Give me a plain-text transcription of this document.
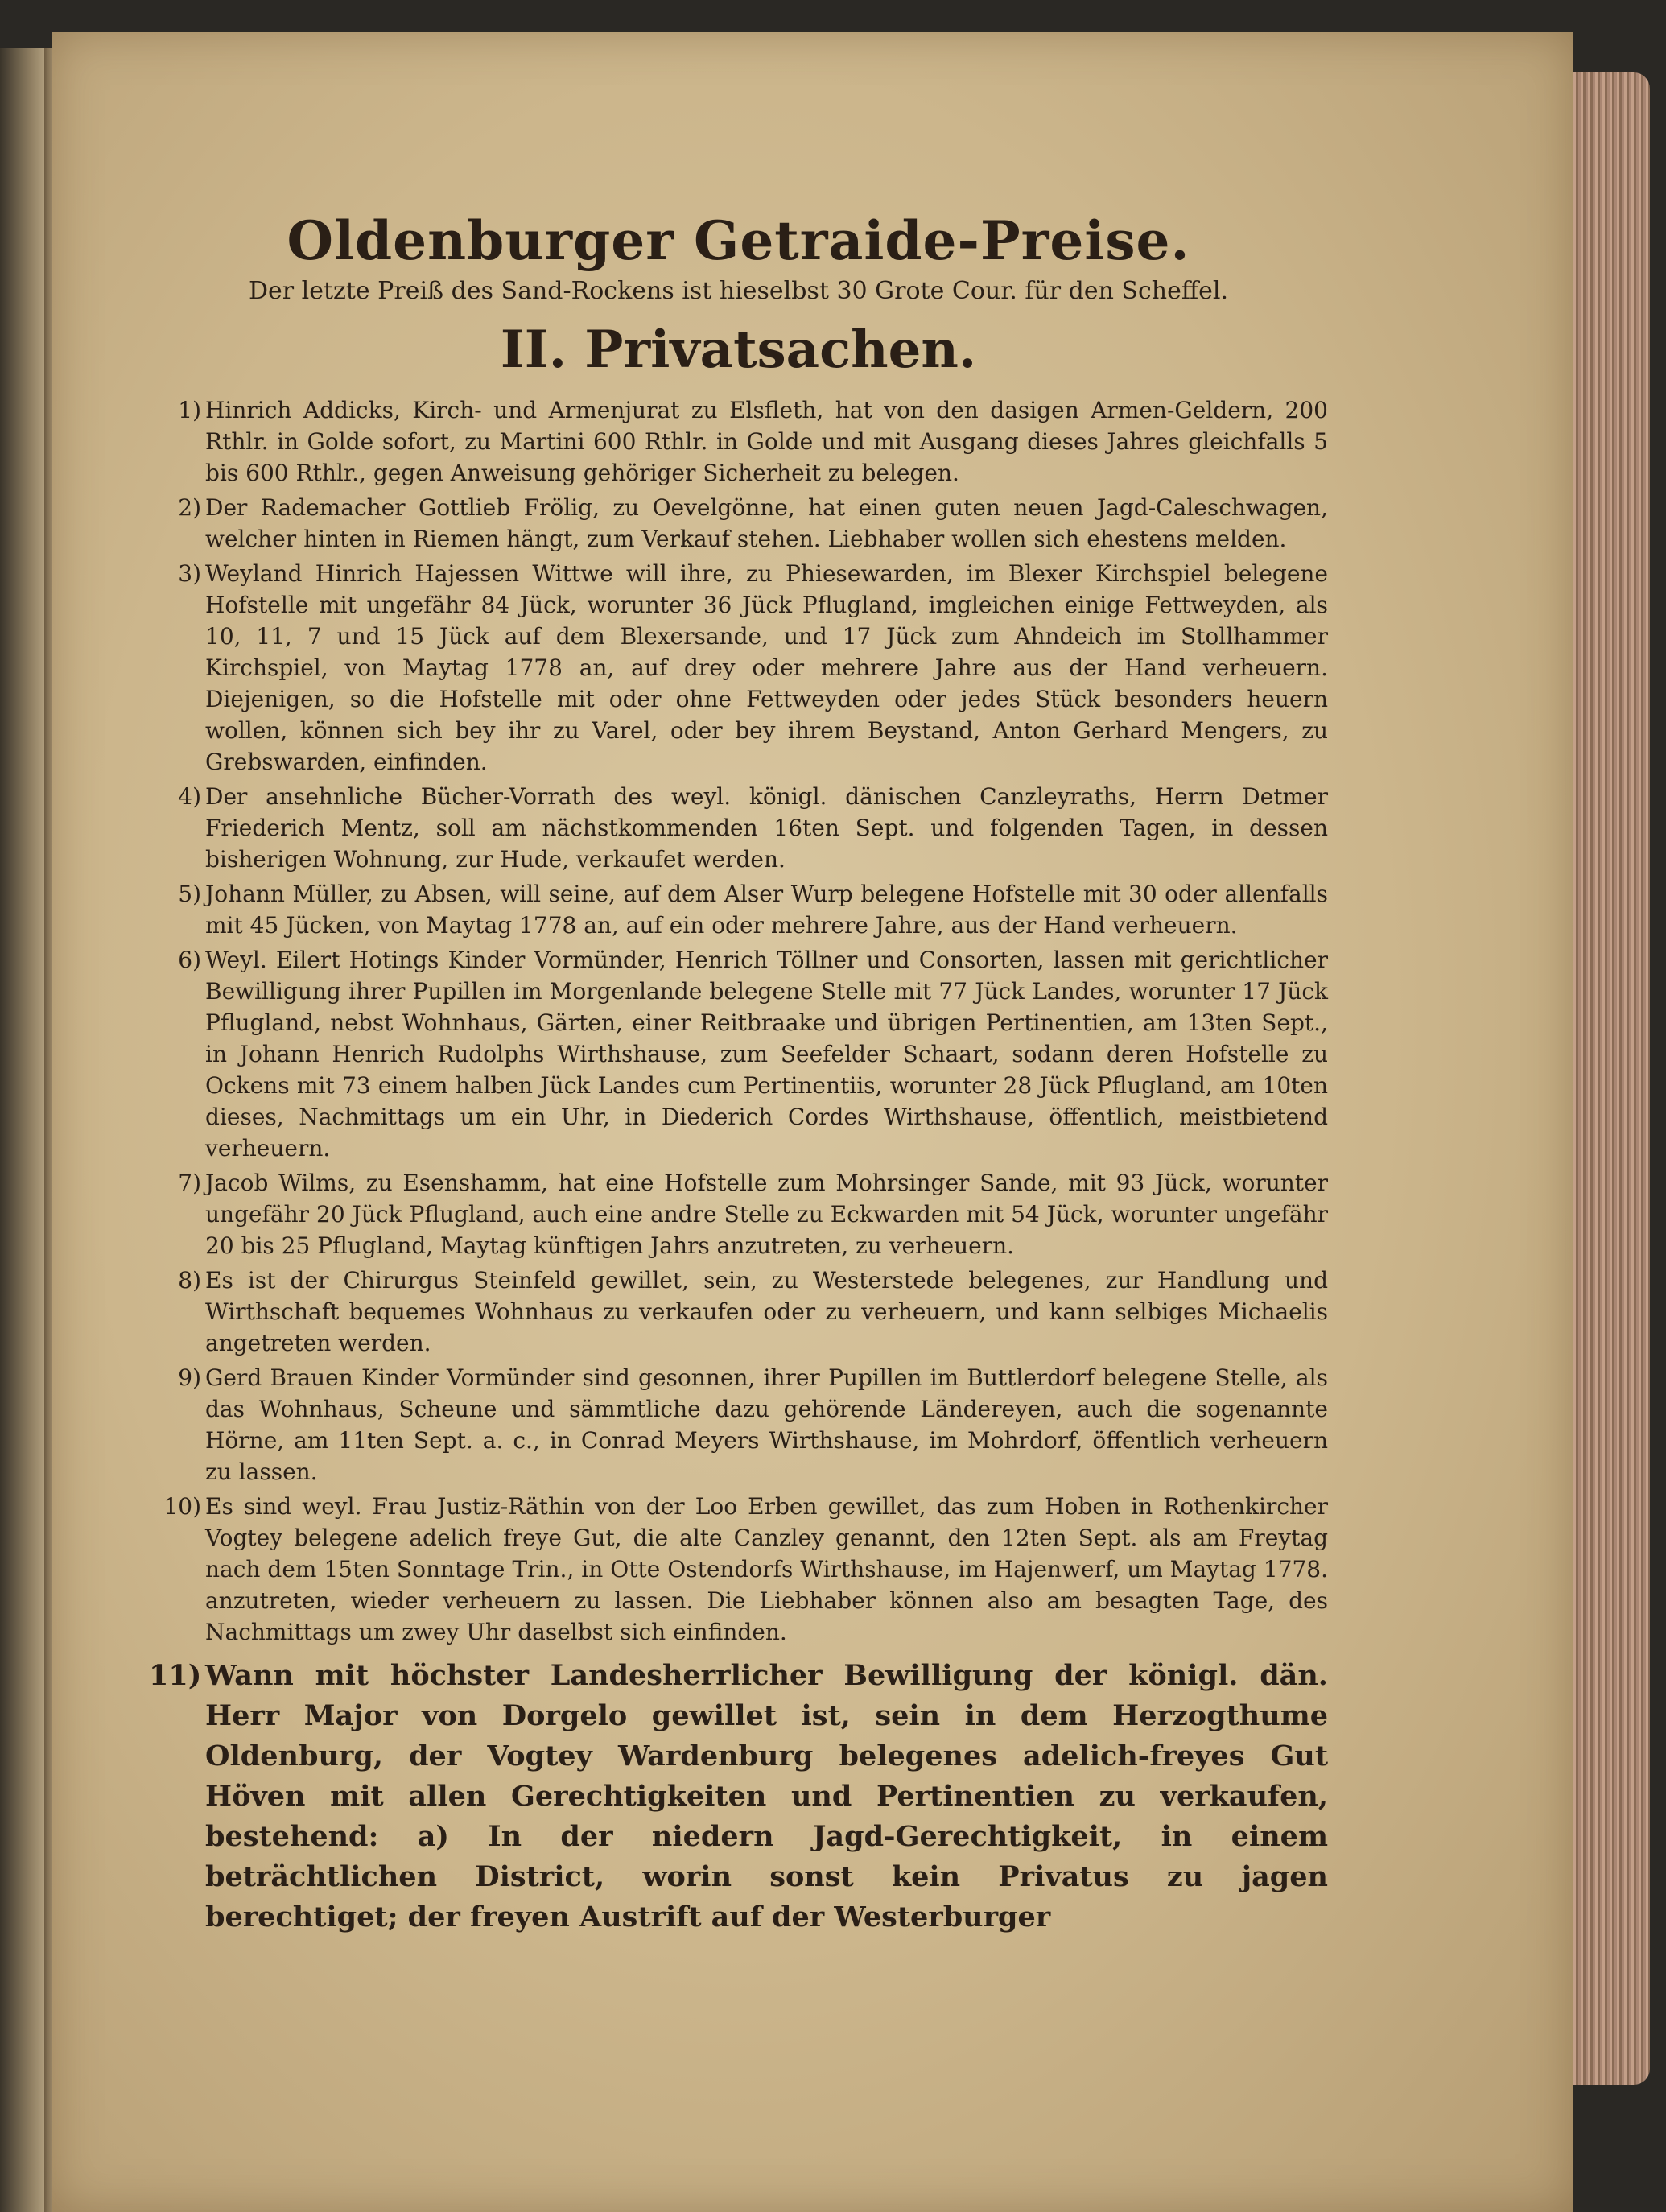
Oldenburger Getraide-Preise.
Der letzte Preiß des Sand-Rockens ist hieselbst 30 Grote Cour. für den Scheffel.
II. Privatsachen.
1) Hinrich Addicks, Kirch- und Armenjurat zu Elsfleth, hat von den dasigen Armen-Geldern, 200 Rthlr. in Golde sofort, zu Martini 600 Rthlr. in Golde und mit Ausgang dieses Jahres gleichfalls 5 bis 600 Rthlr., gegen Anweisung gehöriger Sicherheit zu belegen.
2) Der Rademacher Gottlieb Frölig, zu Oevelgönne, hat einen guten neuen Jagd-Caleschwagen, welcher hinten in Riemen hängt, zum Verkauf stehen. Liebhaber wollen sich ehestens melden.
3) Weyland Hinrich Hajessen Wittwe will ihre, zu Phiesewarden, im Blexer Kirchspiel belegene Hofstelle mit ungefähr 84 Jück, worunter 36 Jück Pflugland, imgleichen einige Fettweyden, als 10, 11, 7 und 15 Jück auf dem Blexersande, und 17 Jück zum Ahndeich im Stollhammer Kirchspiel, von Maytag 1778 an, auf drey oder mehrere Jahre aus der Hand verheuern. Diejenigen, so die Hofstelle mit oder ohne Fettweyden oder jedes Stück besonders heuern wollen, können sich bey ihr zu Varel, oder bey ihrem Beystand, Anton Gerhard Mengers, zu Grebswarden, einfinden.
4) Der ansehnliche Bücher-Vorrath des weyl. königl. dänischen Canzleyraths, Herrn Detmer Friederich Mentz, soll am nächstkommenden 16ten Sept. und folgenden Tagen, in dessen bisherigen Wohnung, zur Hude, verkaufet werden.
5) Johann Müller, zu Absen, will seine, auf dem Alser Wurp belegene Hofstelle mit 30 oder allenfalls mit 45 Jücken, von Maytag 1778 an, auf ein oder mehrere Jahre, aus der Hand verheuern.
6) Weyl. Eilert Hotings Kinder Vormünder, Henrich Töllner und Consorten, lassen mit gerichtlicher Bewilligung ihrer Pupillen im Morgenlande belegene Stelle mit 77 Jück Landes, worunter 17 Jück Pflugland, nebst Wohnhaus, Gärten, einer Reitbraake und übrigen Pertinentien, am 13ten Sept., in Johann Henrich Rudolphs Wirthshause, zum Seefelder Schaart, sodann deren Hofstelle zu Ockens mit 73 einem halben Jück Landes cum Pertinentiis, worunter 28 Jück Pflugland, am 10ten dieses, Nachmittags um ein Uhr, in Diederich Cordes Wirthshause, öffentlich, meistbietend verheuern.
7) Jacob Wilms, zu Esenshamm, hat eine Hofstelle zum Mohrsinger Sande, mit 93 Jück, worunter ungefähr 20 Jück Pflugland, auch eine andre Stelle zu Eckwarden mit 54 Jück, worunter ungefähr 20 bis 25 Pflugland, Maytag künftigen Jahrs anzutreten, zu verheuern.
8) Es ist der Chirurgus Steinfeld gewillet, sein, zu Westerstede belegenes, zur Handlung und Wirthschaft bequemes Wohnhaus zu verkaufen oder zu verheuern, und kann selbiges Michaelis angetreten werden.
9) Gerd Brauen Kinder Vormünder sind gesonnen, ihrer Pupillen im Buttlerdorf belegene Stelle, als das Wohnhaus, Scheune und sämmtliche dazu gehörende Ländereyen, auch die sogenannte Hörne, am 11ten Sept. a. c., in Conrad Meyers Wirthshause, im Mohrdorf, öffentlich verheuern zu lassen.
10) Es sind weyl. Frau Justiz-Räthin von der Loo Erben gewillet, das zum Hoben in Rothenkircher Vogtey belegene adelich freye Gut, die alte Canzley genannt, den 12ten Sept. als am Freytag nach dem 15ten Sonntage Trin., in Otte Ostendorfs Wirthshause, im Hajenwerf, um Maytag 1778. anzutreten, wieder verheuern zu lassen. Die Liebhaber können also am besagten Tage, des Nachmittags um zwey Uhr daselbst sich einfinden.
11) Wann mit höchster Landesherrlicher Bewilligung der königl. dän. Herr Major von Dorgelo gewillet ist, sein in dem Herzogthume Oldenburg, der Vogtey Wardenburg belegenes adelich-freyes Gut Höven mit allen Gerechtigkeiten und Pertinentien zu verkaufen, bestehend: a) In der niedern Jagd-Gerechtigkeit, in einem beträchtlichen District, worin sonst kein Privatus zu jagen berechtiget; der freyen Austrift auf der Westerburger
